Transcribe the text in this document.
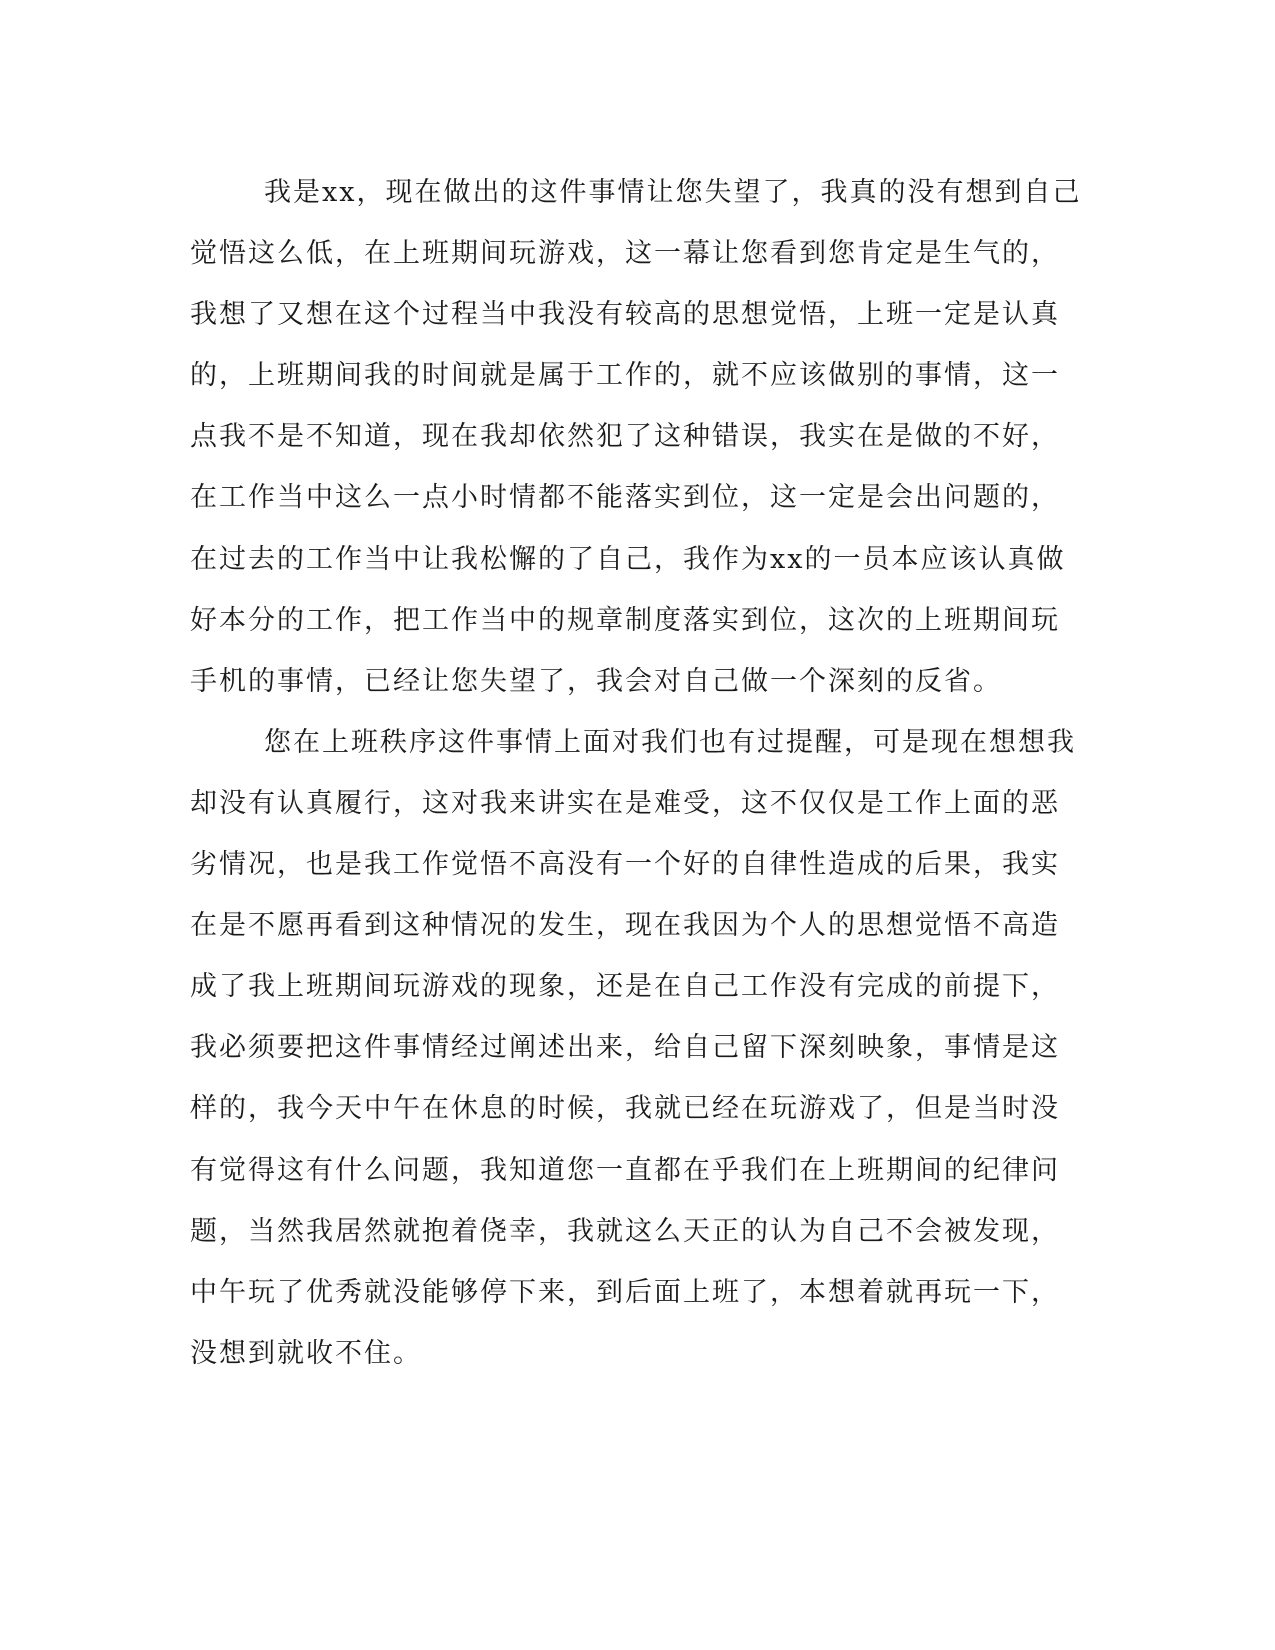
我是xx，现在做出的这件事情让您失望了，我真的没有想到自己
觉悟这么低，在上班期间玩游戏，这一幕让您看到您肯定是生气的，
我想了又想在这个过程当中我没有较高的思想觉悟，上班一定是认真
的，上班期间我的时间就是属于工作的，就不应该做别的事情，这一
点我不是不知道，现在我却依然犯了这种错误，我实在是做的不好，
在工作当中这么一点小时情都不能落实到位，这一定是会出问题的，
在过去的工作当中让我松懈的了自己，我作为xx的一员本应该认真做
好本分的工作，把工作当中的规章制度落实到位，这次的上班期间玩
手机的事情，已经让您失望了，我会对自己做一个深刻的反省。
您在上班秩序这件事情上面对我们也有过提醒，可是现在想想我
却没有认真履行，这对我来讲实在是难受，这不仅仅是工作上面的恶
劣情况，也是我工作觉悟不高没有一个好的自律性造成的后果，我实
在是不愿再看到这种情况的发生，现在我因为个人的思想觉悟不高造
成了我上班期间玩游戏的现象，还是在自己工作没有完成的前提下，
我必须要把这件事情经过阐述出来，给自己留下深刻映象，事情是这
样的，我今天中午在休息的时候，我就已经在玩游戏了，但是当时没
有觉得这有什么问题，我知道您一直都在乎我们在上班期间的纪律问
题，当然我居然就抱着侥幸，我就这么天正的认为自己不会被发现，
中午玩了优秀就没能够停下来，到后面上班了，本想着就再玩一下，
没想到就收不住。
